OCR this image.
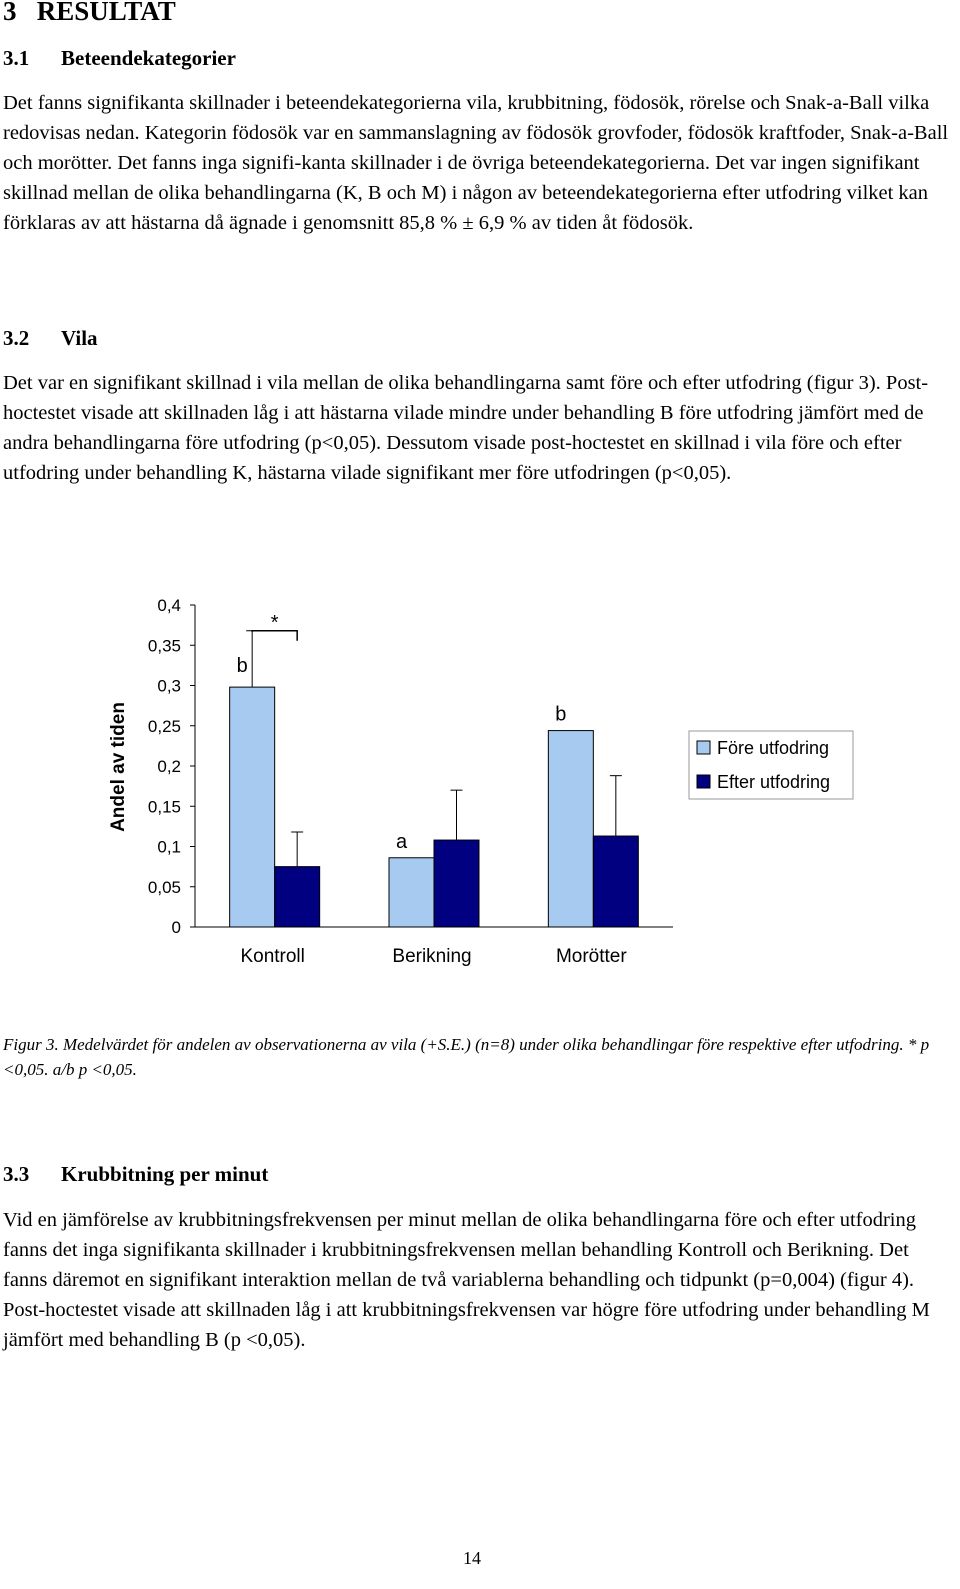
3 RESULTAT
3.1 Beteendekategorier

Det fanns signifikanta skillnader i beteendekategorierna vila, krubbitning, födosök, rörelse och Snak-a-Ball vilka redovisas nedan. Kategorin födosök var en sammanslagning av födosök grovfoder, födosök kraftfoder, Snak-a-Ball och morötter. Det fanns inga signifi-kanta skillnader i de övriga beteendekategorierna. Det var ingen signifikant skillnad mellan de olika behandlingarna (K, B och M) i någon av beteendekategorierna efter utfodring vilket kan förklaras av att hästarna då ägnade i genomsnitt 85,8 % ± 6,9 % av tiden åt födosök.

3.2 Vila

Det var en signifikant skillnad i vila mellan de olika behandlingarna samt före och efter utfodring (figur 3). Post-hoctestet visade att skillnaden låg i att hästarna vilade mindre under behandling B före utfodring jämfört med de andra behandlingarna före utfodring (p<0,05). Dessutom visade post-hoctestet en skillnad i vila före och efter utfodring under behandling K, hästarna vilade signifikant mer före utfodringen (p<0,05).

0
0,05
0,1
0,15
0,2
0,25
0,3
0,35
0,4
Andel av tiden
b
a
b
*
Kontroll	Berikning	Morötter
Före utfodring
Efter utfodring

Figur 3. Medelvärdet för andelen av observationerna av vila (+S.E.) (n=8) under olika behandlingar före respektive efter utfodring. * p <0,05. a/b p <0,05.

3.3 Krubbitning per minut

Vid en jämförelse av krubbitningsfrekvensen per minut mellan de olika behandlingarna före och efter utfodring fanns det inga signifikanta skillnader i krubbitningsfrekvensen mellan behandling Kontroll och Berikning. Det fanns däremot en signifikant interaktion mellan de två variablerna behandling och tidpunkt (p=0,004) (figur 4). Post-hoctestet visade att skillnaden låg i att krubbitningsfrekvensen var högre före utfodring under behandling M jämfört med behandling B (p <0,05).

14
